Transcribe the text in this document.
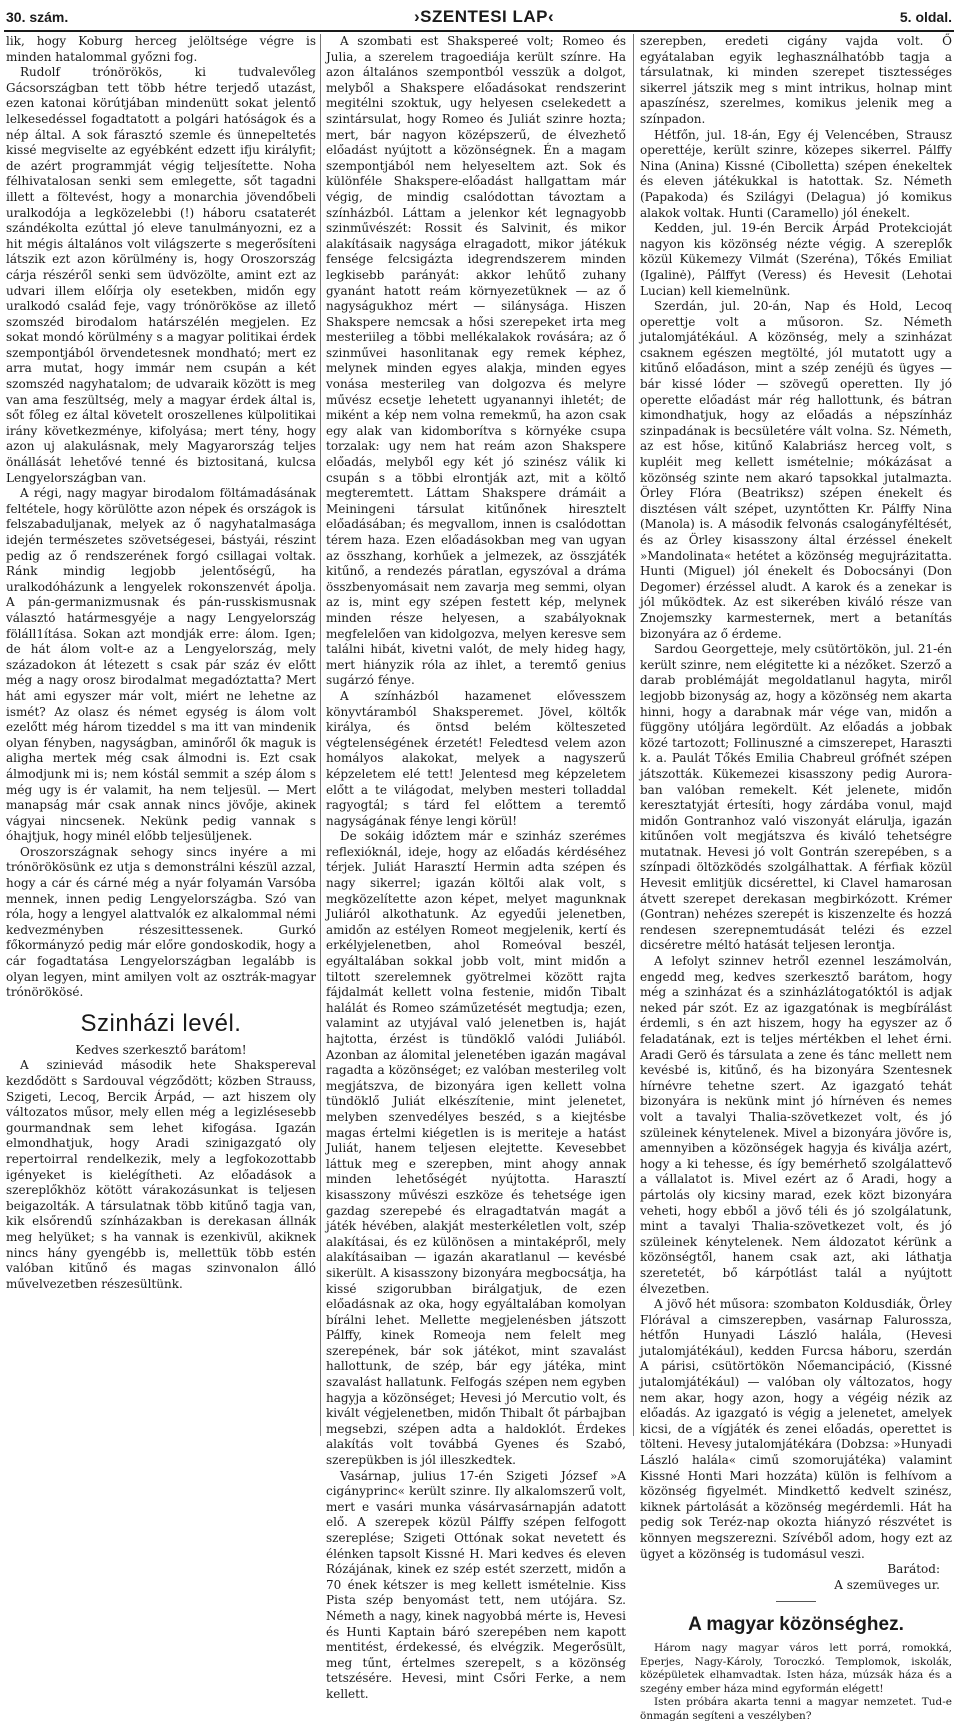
30. szám.	›SZENTESI LAP‹	5. oldal.

lik, hogy Koburg herceg jelöltsége végre is minden hatalommal győzni fog.

Rudolf trónörökös, ki tudvalevőleg Gácsországban tett több hétre terjedő utazást, ezen katonai körútjában mindenütt sokat jelentő lelkesedéssel fogadtatott a polgári hatóságok és a nép által. A sok fárasztó szemle és ünnepeltetés kissé megviselte az egyébként edzett ifju királyfit; de azért programmját végig teljesítette. Noha félhivatalosan senki sem emlegette, sőt tagadni illett a föltevést, hogy a monarchia jövendőbeli uralkodója a legközelebbi (!) háboru csataterét szándékolta ezúttal jó eleve tanulmányozni, ez a hit mégis általános volt világszerte s megerősíteni látszik ezt azon körülmény is, hogy Oroszország cárja részéről senki sem üdvözölte, amint ezt az udvari illem előírja oly esetekben, midőn egy uralkodó család feje, vagy trónörököse az illető szomszéd birodalom határszélén megjelen. Ez sokat mondó körülmény s a magyar politikai érdek szempontjából örvendetesnek mondható; mert ez arra mutat, hogy immár nem csupán a két szomszéd nagyhatalom; de udvaraik között is meg van ama feszültség, mely a magyar érdek által is, sőt főleg ez által követelt oroszellenes külpolitikai irány következménye, kifolyása; mert tény, hogy azon uj alakulásnak, mely Magyarország teljes önállását lehetővé tenné és biztositaná, kulcsa Lengyelországban van.

A régi, nagy magyar birodalom föltámadásának feltétele, hogy körülötte azon népek és országok is felszabaduljanak, melyek az ő nagyhatalmasága idején természetes szövetségesei, bástyái, részint pedig az ő rendszerének forgó csillagai voltak. Ránk mindig legjobb jelentőségű, ha uralkodóházunk a lengyelek rokonszenvét ápolja. A pán-germanizmusnak és pán-russkismusnak választó határmesgyéje a nagy Lengyelország föláll1ítása. Sokan azt mondják erre: álom. Igen; de hát álom volt-e az a Lengyelország, mely századokon át létezett s csak pár száz év előtt még a nagy orosz birodalmat megadóztatta? Mert hát ami egyszer már volt, miért ne lehetne az ismét? Az olasz és német egység is álom volt ezelőtt még három tizeddel s ma itt van mindenik olyan fényben, nagyságban, aminőről ők maguk is aligha mertek még csak álmodni is. Ezt csak álmodjunk mi is; nem kóstál semmit a szép álom s még ugy is ér valamit, ha nem teljesül. — Mert manapság már csak annak nincs jövője, akinek vágyai nincsenek. Nekünk pedig vannak s óhajtjuk, hogy minél előbb teljesüljenek.

Oroszországnak sehogy sincs inyére a mi trónörökösünk ez utja s demonstrálni készül azzal, hogy a cár és cárné még a nyár folyamán Varsóba mennek, innen pedig Lengyelországba. Szó van róla, hogy a lengyel alattvalók ez alkalommal némi kedvezményben részesittessenek. Gurkó főkormányzó pedig már előre gondoskodik, hogy a cár fogadtatása Lengyelországban legalább is olyan legyen, mint amilyen volt az osztrák-magyar trónörökösé.

Szinházi levél.

Kedves szerkesztő barátom!

A szinievád második hete Shakspereval kezdődött s Sardouval végződött; közben Strauss, Szigeti, Lecoq, Bercik Árpád, — azt hiszem oly változatos műsor, mely ellen még a legizlésesebb gourmandnak sem lehet kifogása. Igazán elmondhatjuk, hogy Aradi szinigazgató oly repertoirral rendelkezik, mely a legfokozottabb igényeket is kielégítheti. Az előadások a szereplőkhöz kötött várakozásunkat is teljesen beigazolták. A társulatnak több kitűnő tagja van, kik elsőrendű színházakban is derekasan állnák meg helyüket; s ha vannak is ezenkivül, akiknek nincs hány gyengébb is, mellettük több estén valóban kitűnő és magas szinvonalon álló művelvezetben részesültünk.

A szombati est Shakspereé volt; Romeo és Julia, a szerelem tragoediája került színre. Ha azon általános szempontból vesszük a dolgot, melyből a Shakspere előadásokat rendszerint megitélni szoktuk, ugy helyesen cselekedett a szintársulat, hogy Romeo és Juliát szinre hozta; mert, bár nagyon középszerű, de élvezhető előadást nyújtott a közönségnek. Én a magam szempontjából nem helyeseltem azt. Sok és különféle Shakspere-előadást hallgattam már végig, de mindig csalódottan távoztam a színházból. Láttam a jelenkor két legnagyobb szinművészét: Rossit és Salvinit, és mikor alakításaik nagysága elragadott, mikor játékuk fensége felcsigázta idegrendszerem minden legkisebb parányát: akkor lehűtő zuhany gyanánt hatott reám környezetüknek — az ő nagyságukhoz mért — silánysága. Hiszen Shakspere nemcsak a hősi szerepeket irta meg mesteriileg a többi mellékalakok rovására; az ő szinművei hasonlitanak egy remek képhez, melynek minden egyes alakja, minden egyes vonása mesterileg van dolgozva és melyre művész ecsetje lehetett ugyanannyi ihletét; de miként a kép nem volna remekmű, ha azon csak egy alak van kidomborítva s környéke csupa torzalak: ugy nem hat reám azon Shakspere előadás, melyből egy két jó szinész válik ki csupán s a többi elrontják azt, mit a költő megteremtett. Láttam Shakspere drámáit a Meiningeni társulat kitűnőnek hiresztelt előadásában; és megvallom, innen is csalódottan térem haza. Ezen előadásokban meg van ugyan az összhang, korhűek a jelmezek, az összjáték kitűnő, a rendezés páratlan, egyszóval a dráma összbenyomásait nem zavarja meg semmi, olyan az is, mint egy szépen festett kép, melynek minden része helyesen, a szabályoknak megfelelően van kidolgozva, melyen keresve sem találni hibát, kivetni valót, de mely hideg hagy, mert hiányzik róla az ihlet, a teremtő genius sugárzó fénye.

A színházból hazamenet elővesszem könyvtáramból Shaksperemet. Jövel, költők királya, és öntsd belém költeszeted végtelenségének érzetét! Feledtesd velem azon homályos alakokat, melyek a nagyszerű képzeletem elé tett! Jelentesd meg képzeletem előtt a te világodat, melyben mesteri tolladdal ragyogtál; s tárd fel előttem a teremtő nagyságának fénye lengi körül!

De sokáig időztem már e szinház szerémes reflexióknál, ideje, hogy az előadás kérdéséhez térjek. Juliát Harasztí Hermin adta szépen és nagy sikerrel; igazán költői alak volt, s megközelítette azon képet, melyet magunknak Juliáról alkothatunk. Az egyedűi jelenetben, amidőn az estélyen Romeot megjelenik, kertí és erkélyjelenetben, ahol Romeóval beszél, egyáltalában sokkal jobb volt, mint midőn a tiltott szerelemnek gyötrelmei között rajta fájdalmát kellett volna festenie, midőn Tibalt halálát és Romeo száműzetését megtudja; ezen, valamint az utyjával való jelenetben is, haját hajtotta, érzést is tündöklő valódi Juliából. Azonban az álomital jelenetében igazán magával ragadta a közönséget; ez valóban mesterileg volt megjátszva, de bizonyára igen kellett volna tündöklő Juliát elkészítenie, mint jelenetet, melyben szenvedélyes beszéd, s a kiejtésbe magas értelmi kiégetlen is is meriteje a hatást Juliát, hanem teljesen elejtette. Kevesebbet láttuk meg e szerepben, mint ahogy annak minden lehetőségét nyújtotta. Harasztí kisasszony művészi eszköze és tehetsége igen gazdag szerepebé és elragadtatván magát a játék hévében, alakját mesterkéletlen volt, szép alakításai, és ez különösen a mintaképről, mely alakításaiban — igazán akaratlanul — kevésbé sikerült. A kisasszony bizonyára megbocsátja, ha kissé szigorubban birálgatjuk, de ezen előadásnak az oka, hogy egyáltalában komolyan bírálni lehet. Mellette megjelenésben játszott Pálffy, kinek Romeoja nem felelt meg szerepének, bár sok játékot, mint szavalást hallottunk, de szép, bár egy játéka, mint szavalást hallatunk. Felfogás szépen nem egyben hagyja a közönséget; Hevesi jó Mercutio volt, és kivált végjelenetben, midőn Thibalt őt párbajban megsebzi, szépen adta a haldoklót. Érdekes alakítás volt továbbá Gyenes és Szabó, szerepükben is jól illeszkedtek.

Vasárnap, julius 17-én Szigeti József »A cigányprinc« került szinre. Ily alkalomszerű volt, mert e vasári munka vásárvasárnapján adatott elő. A szerepek közül Pálffy szépen felfogott szereplése; Szigeti Ottónak sokat nevetett és élénken tapsolt Kissné H. Mari kedves és eleven Rózájának, kinek ez szép estét szerzett, midőn a 70 ének kétszer is meg kellett ismételnie. Kiss Pista szép benyomást tett, nem utójára. Sz. Németh a nagy, kinek nagyobbá mérte is, Hevesi és Hunti Kaptain báró szerepében nem kapott mentitést, érdekessé, és elvégzik. Megerősült, meg tűnt, értelmes szerepelt, s a közönség tetszésére. Hevesi, mint Csőri Ferke, a nem kellett.

szerepben, eredeti cigány vajda volt. Ő egyátalaban egyik leghasználhatóbb tagja a társulatnak, ki minden szerepet tisztességes sikerrel játszik meg s mint intrikus, holnap mint apaszínész, szerelmes, komikus jelenik meg a színpadon.

Hétfőn, jul. 18-án, Egy éj Velencében, Strausz operettéje, került szinre, közepes sikerrel. Pálffy Nina (Anina) Kissné (Cibolletta) szépen énekeltek és eleven játékukkal is hatottak. Sz. Németh (Papakoda) és Szilágyi (Delagua) jó komikus alakok voltak. Hunti (Caramello) jól énekelt.

Kedden, jul. 19-én Bercik Árpád Protekcioját nagyon kis közönség nézte végig. A szereplők közül Kükemezy Vilmát (Szeréna), Tőkés Emiliat (Igalinė), Pálffyt (Veress) és Hevesit (Lehotai Lucian) kell kiemelnünk.

Szerdán, jul. 20-án, Nap és Hold, Lecoq operettje volt a műsoron. Sz. Németh jutalomjátékául. A közönség, mely a szinházat csaknem egészen megtölté, jól mutatott ugy a kitűnő előadáson, mint a szép zenéjü és ügyes — bár kissé lóder — szövegű operetten. Ily jó operette előadást már rég hallottunk, és bátran kimondhatjuk, hogy az előadás a népszínház szinpadának is becsületére vált volna. Sz. Németh, az est hőse, kitűnő Kalabriász herceg volt, s kupléit meg kellett ismételnie; mókázásat a közönség szinte nem akaró tapsokkal jutalmazta. Örley Flóra (Beatriksz) szépen énekelt és disztésen vált szépet, uzyntőtten Kr. Pálffy Nina (Manola) is. A második felvonás csalogányféltését, és az Örley kisasszony által érzéssel énekelt »Mandolinata« hetétet a közönség megujrázitatta. Hunti (Miguel) jól énekelt és Dobocsányi (Don Degomer) érzéssel aludt. A karok és a zenekar is jól működtek. Az est sikerében kiváló része van Znojemszky karmesternek, mert a betanítás bizonyára az ő érdeme.

Sardou Georgetteje, mely csütörtökön, jul. 21-én került szinre, nem elégitette ki a nézőket. Szerző a darab problémáját megoldatlanul hagyta, miről legjobb bizonyság az, hogy a közönség nem akarta hinni, hogy a darabnak már vége van, midőn a függöny utóljára legördült. Az előadás a jobbak közé tartozott; Follinuszné a cimszerepet, Haraszti k. a. Paulát Tőkés Emilia Chabreul grófnét szépen játszották. Kükemezei kisasszony pedig Aurora-ban valóban remekelt. Két jelenete, midőn keresztatyját értesíti, hogy zárdába vonul, majd midőn Gontranhoz való viszonyát elárulja, igazán kitűnően volt megjátszva és kiváló tehetségre mutatnak. Hevesi jó volt Gontrán szerepében, s a színpadi öltözködés szolgálhattak. A férfiak közül Hevesit emlitjük dicsérettel, ki Clavel hamarosan átvett szerepet derekasan megbirkózott. Krémer (Gontran) nehézes szerepét is kiszenzelte és hozzá rendesen szerepnemtudását telézi és ezzel dicséretre méltó hatását teljesen lerontja.

A lefolyt szinnev hetről ezennel leszámolván, engedd meg, kedves szerkesztő barátom, hogy még a szinházat és a szinházlátogatóktól is adjak neked pár szót. Ez az igazgatónak is megbírálást érdemli, s én azt hiszem, hogy ha egyszer az ő feladatának, ezt is teljes mértékben el lehet érni. Aradi Gerö és társulata a zene és tánc mellett nem kevésbé is, kitűnő, és ha bizonyára Szentesnek hírnévre tehetne szert. Az igazgató tehát bizonyára is nekünk mint jó hírnéven és nemes volt a tavalyi Thalia-szövetkezet volt, és jó szüleinek kénytelenek. Mivel a bizonyára jövőre is, amennyiben a közönségek hagyja és kiválja azért, hogy a ki tehesse, és így bemérhető szolgálattevő a vállalatot is. Mivel ezért az ő Aradi, hogy a pártolás oly kicsiny marad, ezek közt bizonyára veheti, hogy ebből a jövő téli és jó szolgálatunk, mint a tavalyi Thalia-szövetkezet volt, és jó szüleinek kénytelenek. Nem áldozatot kérünk a közönségtől, hanem csak azt, aki láthatja szeretetét, bő kárpótlást talál a nyújtott élvezetben.

A jövő hét műsora: szombaton Koldusdiák, Örley Flórával a cimszerepben, vasárnap Falurossza, hétfőn Hunyadi László halála, (Hevesi jutalomjátékául), kedden Furcsa háboru, szerdán A párisi, csütörtökön Nőemancipáció, (Kissné jutalomjátékául) — valóban oly változatos, hogy nem akar, hogy azon, hogy a végéig nézik az előadás. Az igazgató is végig a jelenetet, amelyek kicsi, de a vígjáték és zenei előadás, operettet is tölteni. Hevesy jutalomjátékára (Dobzsa: »Hunyadi László halála« cimű szomorujátéka) valamint Kissné Honti Mari hozzáta) külön is felhívom a közönség figyelmét. Mindkettő kedvelt szinész, kiknek pártolását a közönség megérdemli. Hát ha pedig sok Teréz-nap okozta hiányzó részvétet is könnyen megszerezni. Szívéből adom, hogy ezt az ügyet a közönség is tudomásul veszi.

Barátod:

A szemüveges ur.

A magyar közönséghez.

Három nagy magyar város lett porrá, romokká, Eperjes, Nagy-Károly, Toroczkó. Templomok, iskolák, középületek elhamvadtak. Isten háza, múzsák háza és a szegény ember háza mind egyformán elégett!

Isten próbára akarta tenni a magyar nemzetet. Tud-e önmagán segíteni a veszélyben?
